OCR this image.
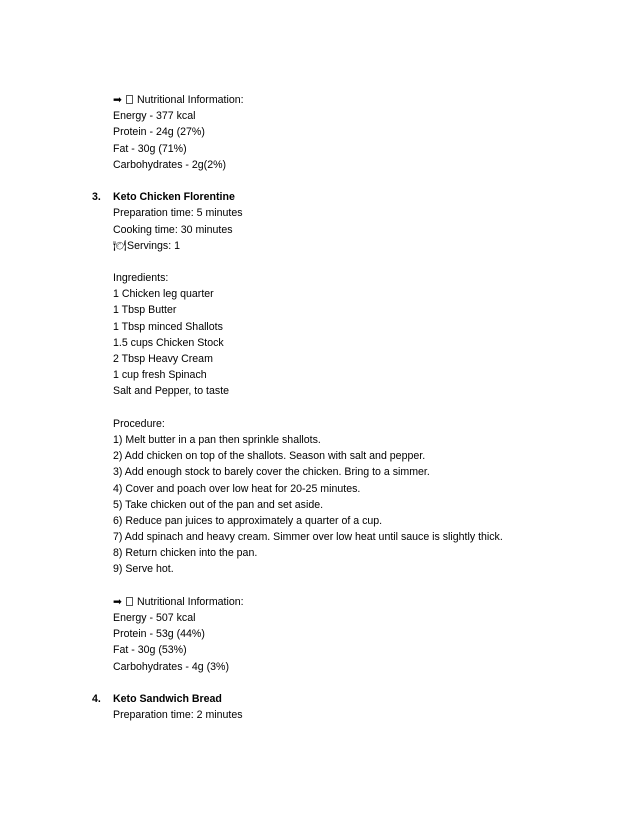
➡ Nutritional Information:
Energy - 377 kcal
Protein - 24g (27%)
Fat - 30g (71%)
Carbohydrates - 2g(2%)
3. Keto Chicken Florentine
Preparation time: 5 minutes
Cooking time: 30 minutes
🍽Servings: 1
Ingredients:
1 Chicken leg quarter
1 Tbsp Butter
1 Tbsp minced Shallots
1.5 cups Chicken Stock
2 Tbsp Heavy Cream
1 cup fresh Spinach
Salt and Pepper, to taste
Procedure:
1) Melt butter in a pan then sprinkle shallots.
2) Add chicken on top of the shallots. Season with salt and pepper.
3) Add enough stock to barely cover the chicken. Bring to a simmer.
4) Cover and poach over low heat for 20-25 minutes.
5) Take chicken out of the pan and set aside.
6) Reduce pan juices to approximately a quarter of a cup.
7) Add spinach and heavy cream. Simmer over low heat until sauce is slightly thick.
8) Return chicken into the pan.
9) Serve hot.
➡ Nutritional Information:
Energy - 507 kcal
Protein - 53g (44%)
Fat - 30g (53%)
Carbohydrates - 4g (3%)
4. Keto Sandwich Bread
Preparation time: 2 minutes
